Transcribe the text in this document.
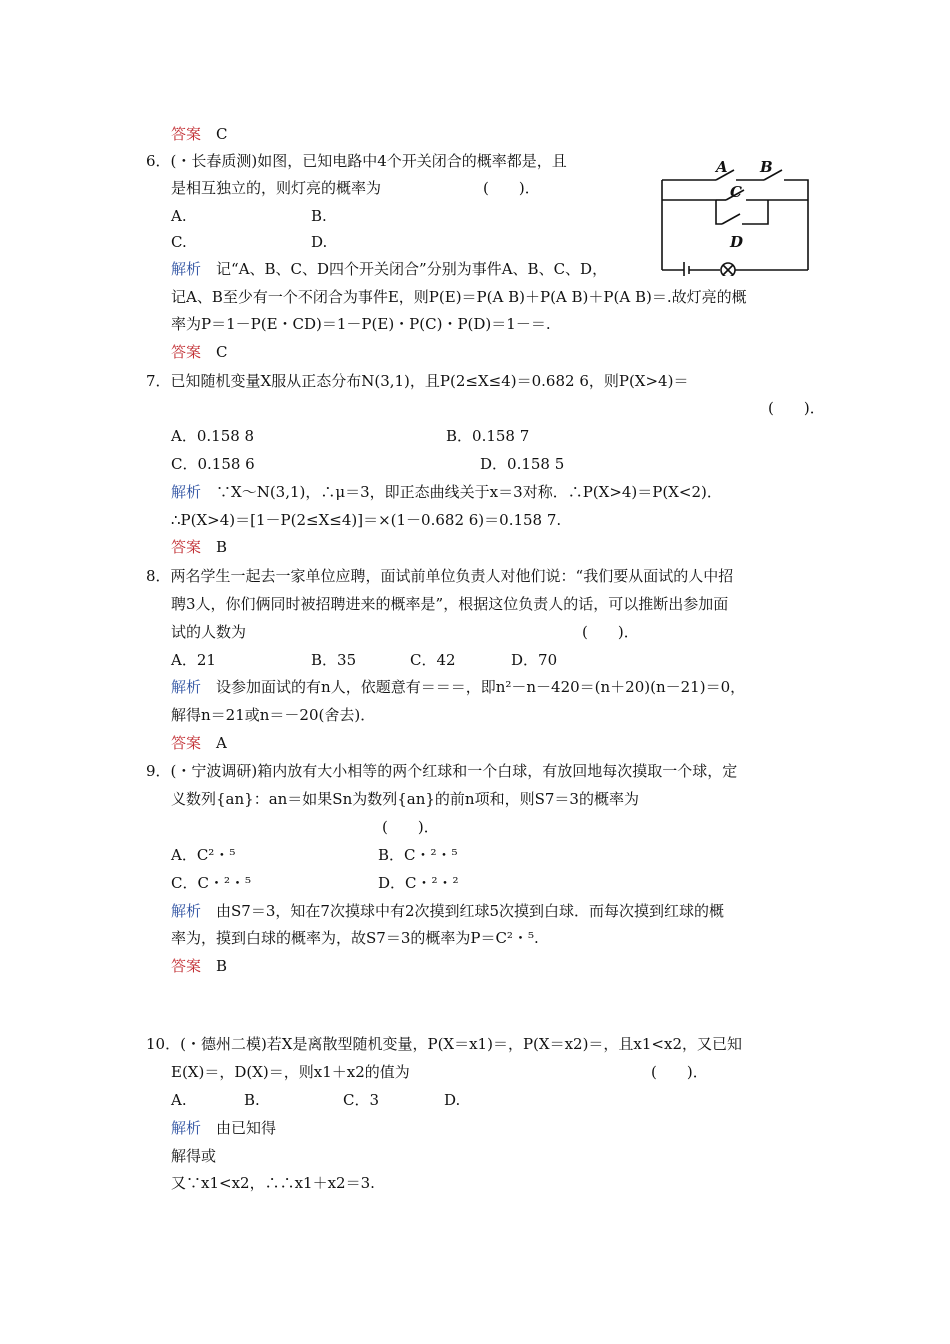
答案　 C
6．(・长春质测)如图，已知电路中4个开关闭合的概率都是，且
是相互独立的，则灯亮的概率为	(　　)．
A.	B.
C.	D.
解析　 记“A、B、C、D四个开关闭合”分别为事件A、B、C、D，
记A、B至少有一个不闭合为事件E，则P(E)＝P(A B)＋P(A B)＋P(A B)＝.故灯亮的概
率为P＝1－P(E・CD)＝1－P(E)・P(C)・P(D)＝1－＝.
答案　 C
A B
C
D
7．已知随机变量X服从正态分布N(3,1)，且P(2≤X≤4)＝0.682 6，则P(X>4)＝
(　　)．
A．0.158 8	B．0.158 7
C．0.158 6	D．0.158 5
解析　 ∵X～N(3,1)，∴μ＝3，即正态曲线关于x＝3对称．∴P(X>4)＝P(X<2)．
∴P(X>4)＝[1－P(2≤X≤4)]＝×(1－0.682 6)＝0.158 7.
答案　 B
8．两名学生一起去一家单位应聘，面试前单位负责人对他们说：“我们要从面试的人中招
聘3人，你们俩同时被招聘进来的概率是”，根据这位负责人的话，可以推断出参加面
试的人数为	(　　)．
A．21	B．35	C．42	D．70
解析　 设参加面试的有n人，依题意有＝＝＝，即n²－n－420＝(n＋20)(n－21)＝0，
解得n＝21或n＝－20(舍去)．
答案　 A
9．(・宁波调研)箱内放有大小相等的两个红球和一个白球，有放回地每次摸取一个球，定
义数列{an}：an＝如果Sn为数列{an}的前n项和，则S7＝3的概率为
(　　)．
A．C²・⁵	B．C・²・⁵
C．C・²・⁵	D．C・²・²
解析　 由S7＝3，知在7次摸球中有2次摸到红球5次摸到白球．而每次摸到红球的概
率为，摸到白球的概率为，故S7＝3的概率为P＝C²・⁵.
答案　 B
10．(・德州二模)若X是离散型随机变量，P(X＝x1)＝，P(X＝x2)＝，且x1<x2，又已知
E(X)＝，D(X)＝，则x1＋x2的值为	(　　)．
A.	B.	C．3	D.
解析　 由已知得
解得或
又∵x1<x2，∴∴x1＋x2＝3.
